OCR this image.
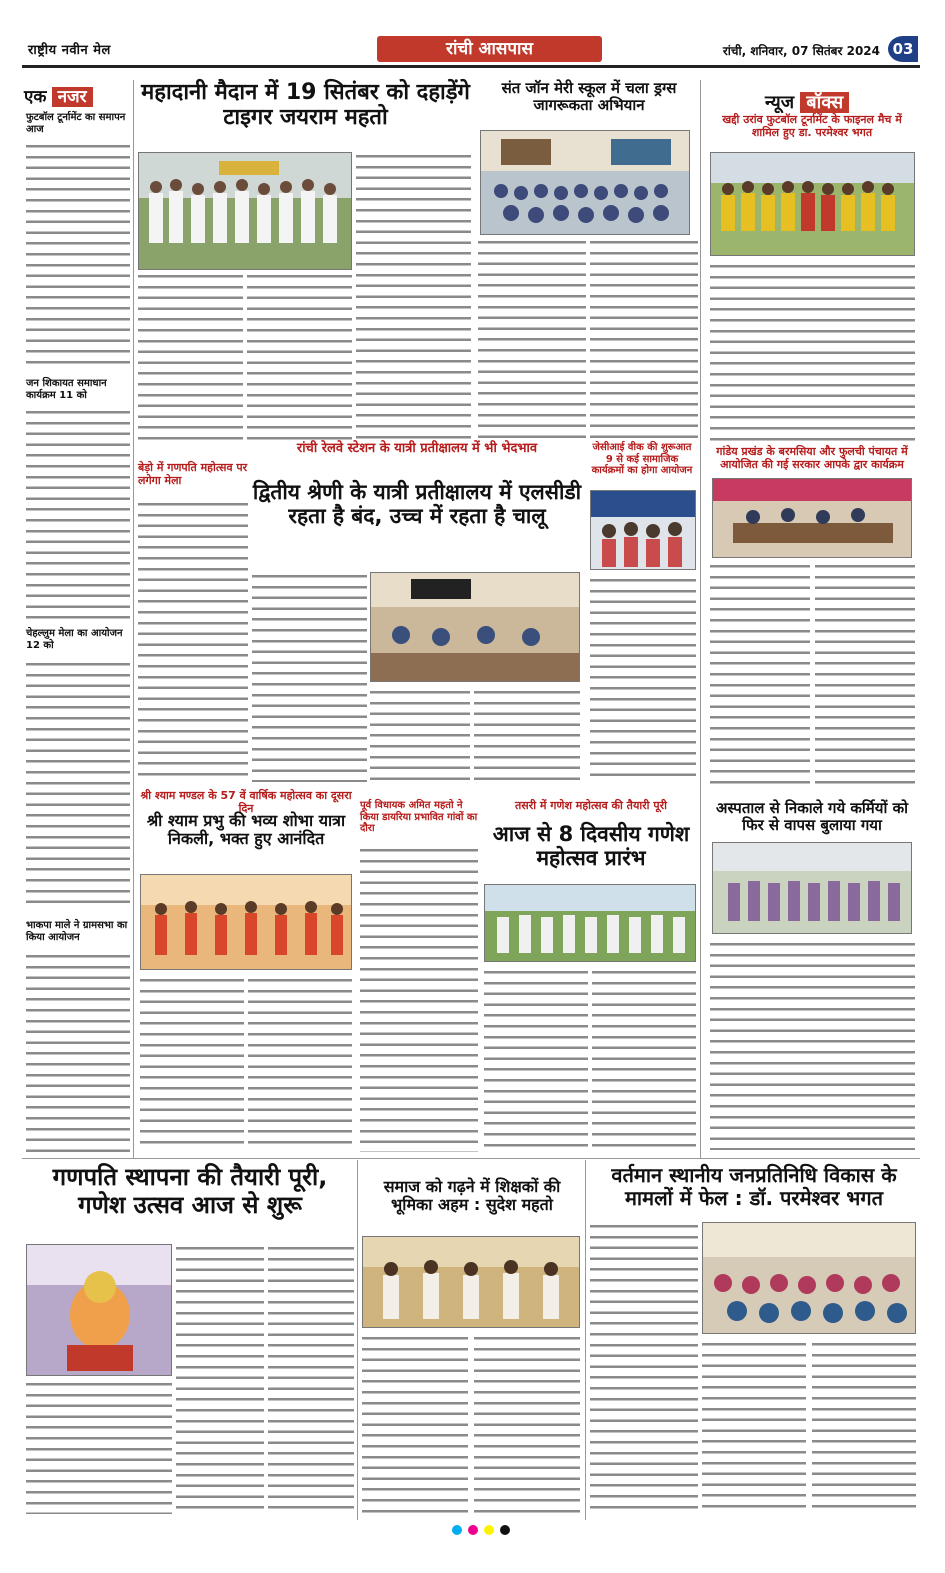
राष्ट्रीय नवीन मेल	रांची आसपास	रांची, शनिवार, 07 सितंबर 2024 03
एक नजर
फुटबॉल टूर्नामेंट का समापन आज
जन शिकायत समाधान कार्यक्रम 11 को
चेहल्लुम मेला का आयोजन 12 को
भाकपा माले ने ग्रामसभा का किया आयोजन
महादानी मैदान में 19 सितंबर को दहाड़ेंगे टाइगर जयराम महतो
संत जॉन मेरी स्कूल में चला ड्रग्स जागरूकता अभियान	न्यूज बॉक्स
खद्दी उरांव फुटबॉल टूर्नामेंट के फाइनल मैच में शामिल हुए डा. परमेश्वर भगत
गांडेय प्रखंड के बरमसिया और फुलची पंचायत में आयोजित की गई सरकार आपके द्वार कार्यक्रम
अस्पताल से निकाले गये कर्मियों को फिर से वापस बुलाया गया
बेड़ो में गणपति महोत्सव पर लगेगा मेला
रांची रेलवे स्टेशन के यात्री प्रतीक्षालय में भी भेदभाव
द्वितीय श्रेणी के यात्री प्रतीक्षालय में एलसीडी रहता है बंद, उच्च में रहता है चालू
जेसीआई वीक की शुरूआत 9 से कई सामाजिक कार्यक्रमों का होगा आयोजन
श्री श्याम मण्डल के 57 वें वार्षिक महोत्सव का दूसरा दिन
श्री श्याम प्रभु की भव्य शोभा यात्रा निकली, भक्त हुए आनंदित
पूर्व विधायक अमित महतो ने किया डायरिया प्रभावित गांवों का दौरा
तसरी में गणेश महोत्सव की तैयारी पूरी
आज से 8 दिवसीय गणेश महोत्सव प्रारंभ
गणपति स्थापना की तैयारी पूरी, गणेश उत्सव आज से शुरू
समाज को गढ़ने में शिक्षकों की भूमिका अहम : सुदेश महतो
वर्तमान स्थानीय जनप्रतिनिधि विकास के मामलों में फेल : डॉ. परमेश्वर भगत
